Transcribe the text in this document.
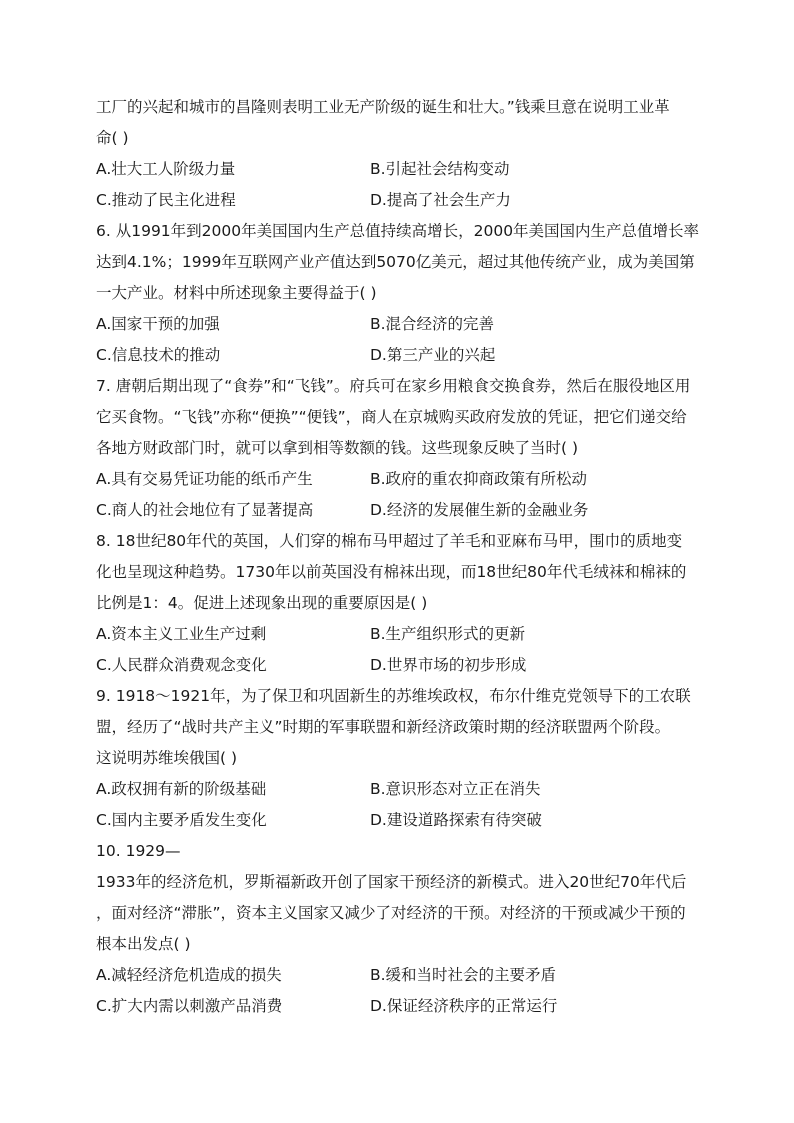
工厂的兴起和城市的昌隆则表明工业无产阶级的诞生和壮大。”钱乘旦意在说明工业革
命( )
A.壮大工人阶级力量	B.引起社会结构变动
C.推动了民主化进程	D.提高了社会生产力
6. 从1991年到2000年美国国内生产总值持续高增长，2000年美国国内生产总值增长率
达到4.1%；1999年互联网产业产值达到5070亿美元，超过其他传统产业，成为美国第
一大产业。材料中所述现象主要得益于( )
A.国家干预的加强	B.混合经济的完善
C.信息技术的推动	D.第三产业的兴起
7. 唐朝后期出现了“食券”和“飞钱”。府兵可在家乡用粮食交换食券，然后在服役地区用
它买食物。“飞钱”亦称“便换”“便钱”，商人在京城购买政府发放的凭证，把它们递交给
各地方财政部门时，就可以拿到相等数额的钱。这些现象反映了当时( )
A.具有交易凭证功能的纸币产生	B.政府的重农抑商政策有所松动
C.商人的社会地位有了显著提高	D.经济的发展催生新的金融业务
8. 18世纪80年代的英国，人们穿的棉布马甲超过了羊毛和亚麻布马甲，围巾的质地变
化也呈现这种趋势。1730年以前英国没有棉袜出现，而18世纪80年代毛绒袜和棉袜的
比例是1：4。促进上述现象出现的重要原因是( )
A.资本主义工业生产过剩	B.生产组织形式的更新
C.人民群众消费观念变化	D.世界市场的初步形成
9. 1918～1921年，为了保卫和巩固新生的苏维埃政权，布尔什维克党领导下的工农联
盟，经历了“战时共产主义”时期的军事联盟和新经济政策时期的经济联盟两个阶段。
这说明苏维埃俄国( )
A.政权拥有新的阶级基础	B.意识形态对立正在消失
C.国内主要矛盾发生变化	D.建设道路探索有待突破
10. 1929—
1933年的经济危机，罗斯福新政开创了国家干预经济的新模式。进入20世纪70年代后
，面对经济“滞胀”，资本主义国家又减少了对经济的干预。对经济的干预或减少干预的
根本出发点( )
A.减轻经济危机造成的损失	B.缓和当时社会的主要矛盾
C.扩大内需以刺激产品消费	D.保证经济秩序的正常运行
